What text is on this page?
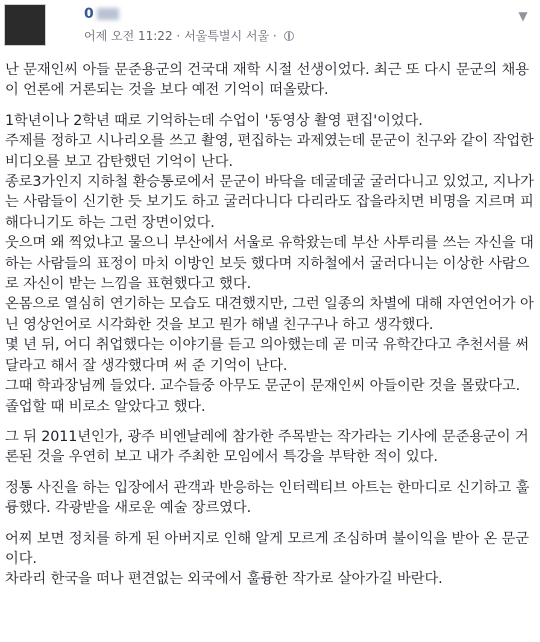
0
어제 오전 11:22 · 서울특별시 서울 ·
▼

난 문재인씨 아들 문준용군의 건국대 재학 시절 선생이었다. 최근 또 다시 문군의 채용이 언론에 거론되는 것을 보다 예전 기억이 떠올랐다.

1학년이나 2학년 때로 기억하는데 수업이 '동영상 촬영 편집'이었다.

주제를 정하고 시나리오를 쓰고 촬영, 편집하는 과제였는데 문군이 친구와 같이 작업한 비디오를 보고 감탄했던 기억이 난다.

종로3가인지 지하철 환승통로에서 문군이 바닥을 데굴데굴 굴러다니고 있었고, 지나가는 사람들이 신기한 듯 보기도 하고 굴러다니다 다리라도 잡을라치면 비명을 지르며 피해다니기도 하는 그런 장면이었다.

웃으며 왜 찍었냐고 물으니 부산에서 서울로 유학왔는데 부산 사투리를 쓰는 자신을 대하는 사람들의 표정이 마치 이방인 보듯 했다며 지하철에서 굴러다니는 이상한 사람으로 자신이 받는 느낌을 표현했다고 했다.

온몸으로 열심히 연기하는 모습도 대견했지만, 그런 일종의 차별에 대해 자연언어가 아닌 영상언어로 시각화한 것을 보고 뭔가 해낼 친구구나 하고 생각했다.

몇 년 뒤, 어디 취업했다는 이야기를 듣고 의아했는데 곧 미국 유학간다고 추천서를 써달라고 해서 잘 생각했다며 써 준 기억이 난다.

그때 학과장님께 들었다. 교수들중 아무도 문군이 문재인씨 아들이란 것을 몰랐다고. 졸업할 때 비로소 알았다고 했다.

그 뒤 2011년인가, 광주 비엔날레에 참가한 주목받는 작가라는 기사에 문준용군이 거론된 것을 우연히 보고 내가 주최한 모임에서 특강을 부탁한 적이 있다.

정통 사진을 하는 입장에서 관객과 반응하는 인터렉티브 아트는 한마디로 신기하고 훌륭했다. 각광받을 새로운 예술 장르였다.

어찌 보면 정치를 하게 된 아버지로 인해 알게 모르게 조심하며 불이익을 받아 온 문군이다.

차라리 한국을 떠나 편견없는 외국에서 훌륭한 작가로 살아가길 바란다.
